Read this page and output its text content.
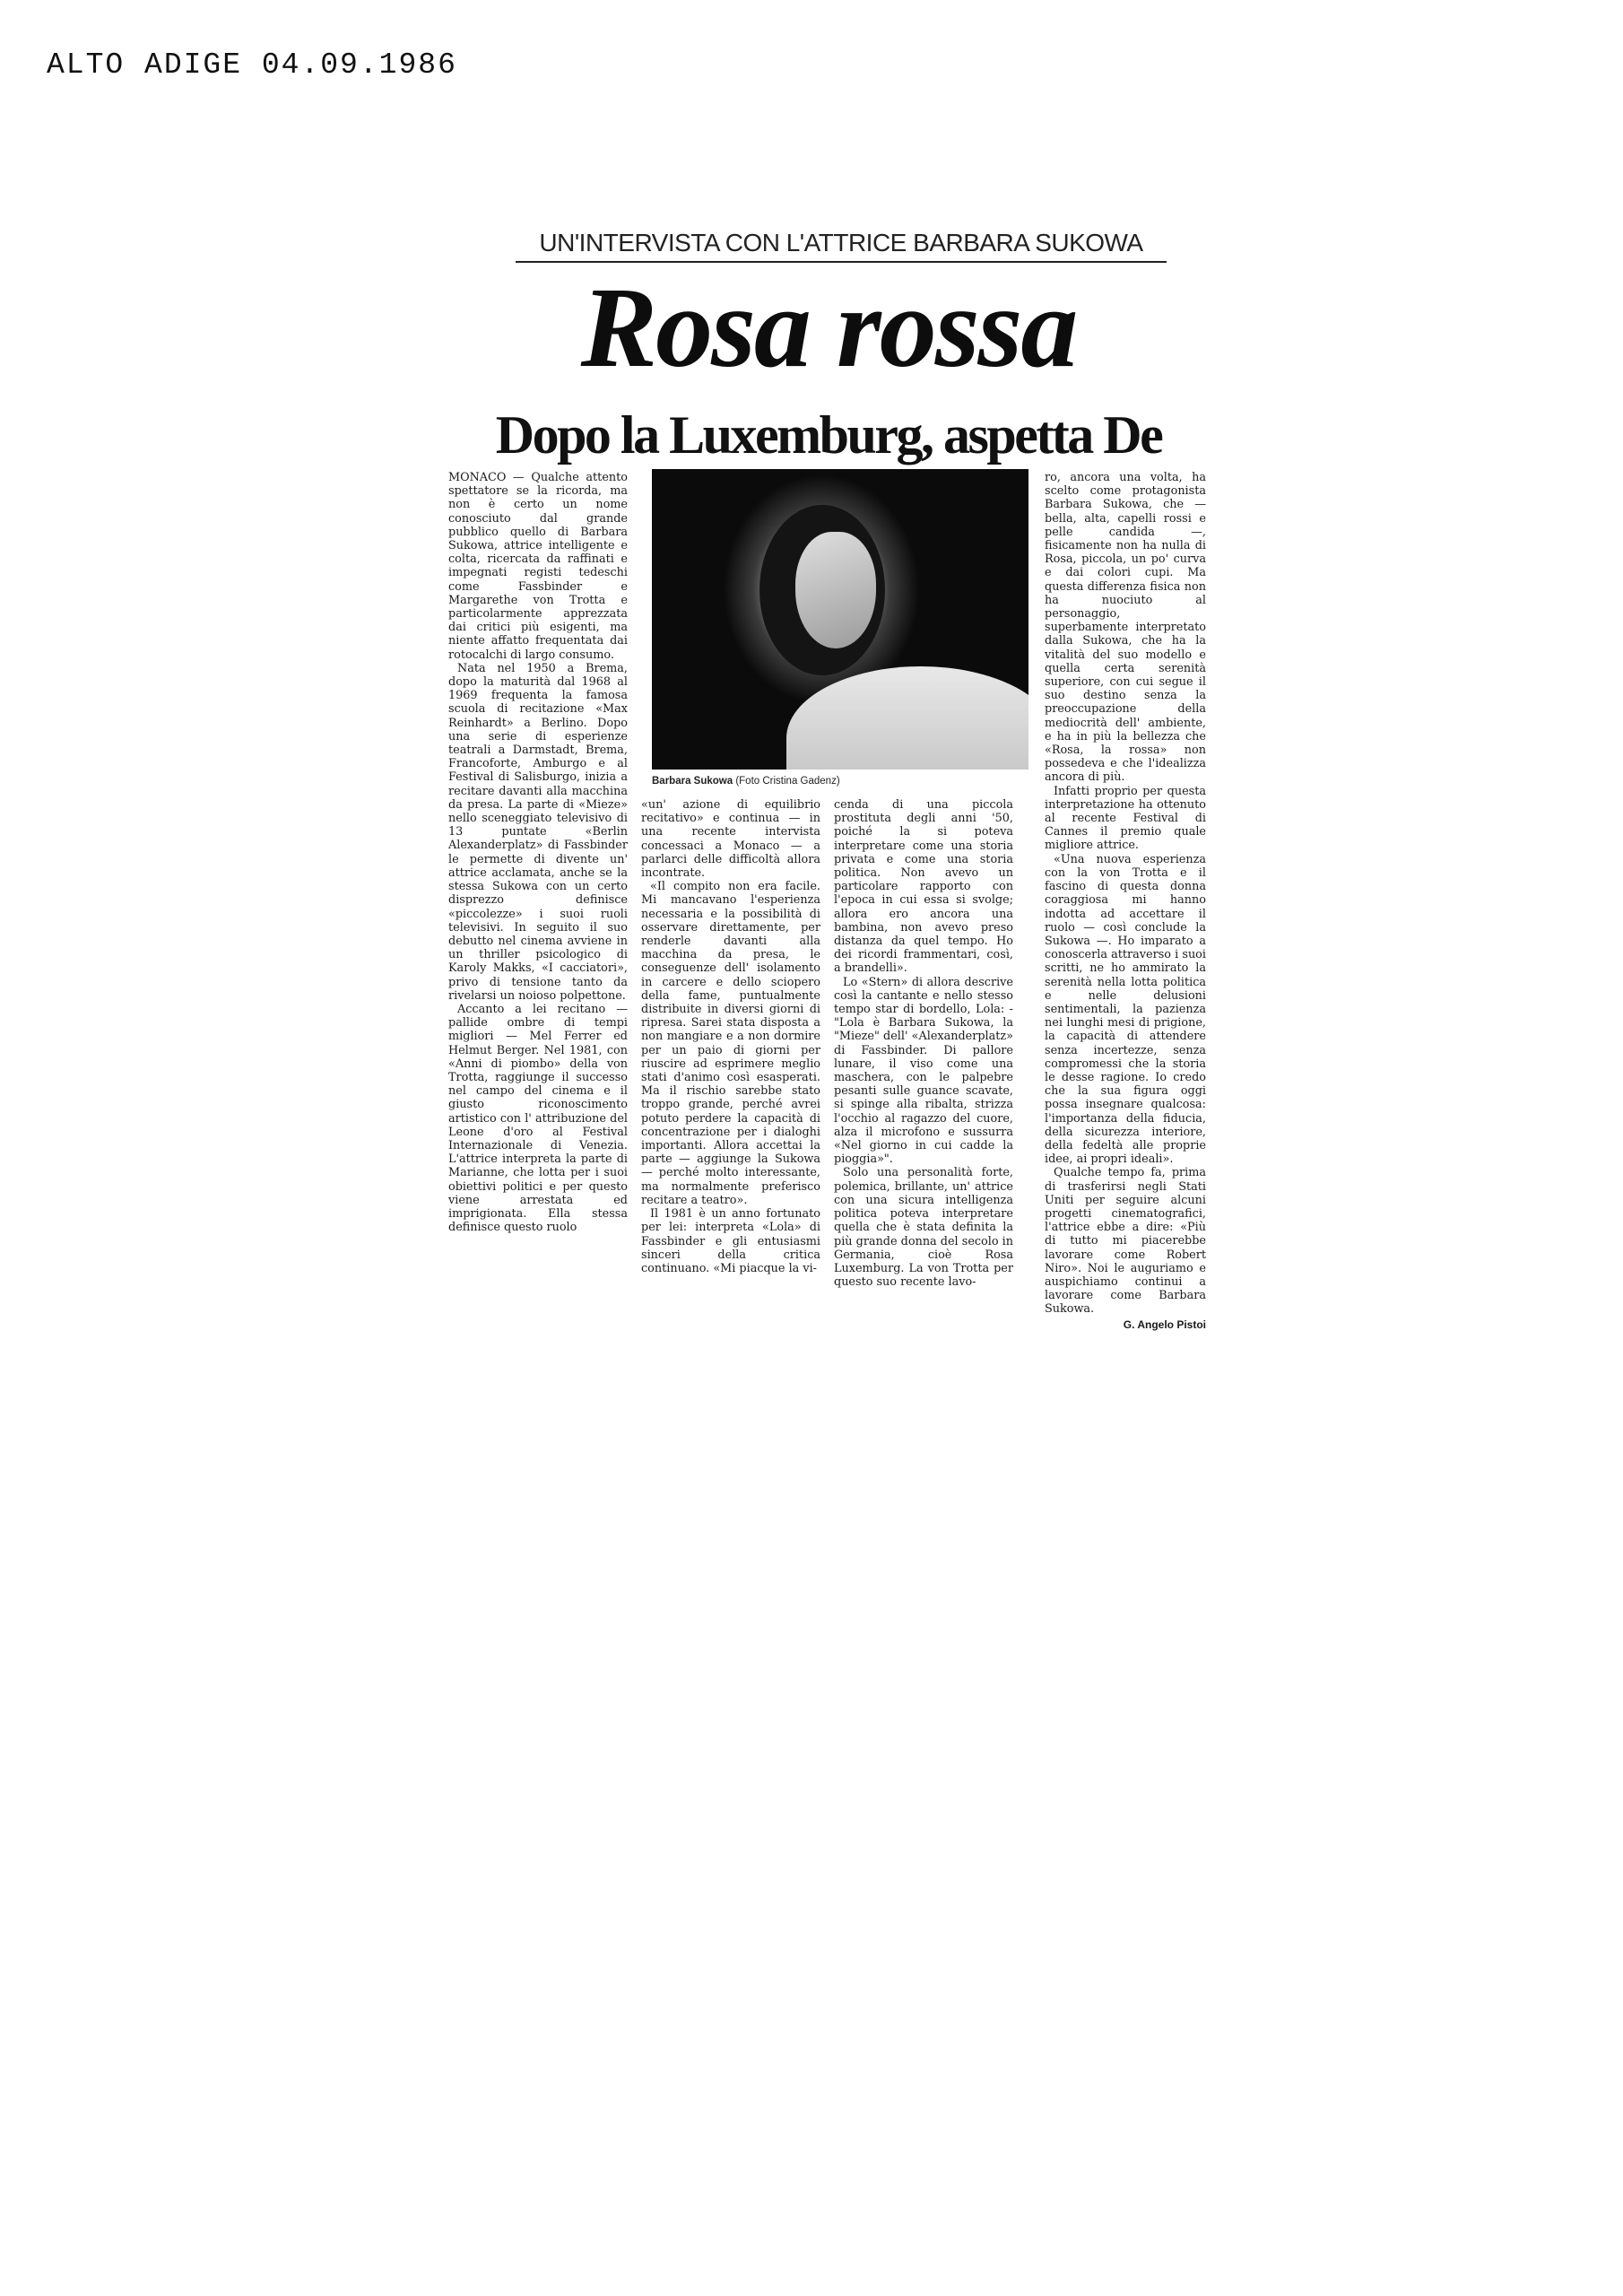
ALTO ADIGE 04.09.1986
UN'INTERVISTA CON L'ATTRICE BARBARA SUKOWA
Rosa rossa
Dopo la Luxemburg, aspetta De

MONACO — Qualche attento spettatore se la ricorda, ma non è certo un nome conosciuto dal grande pubblico quello di Barbara Sukowa, attrice intelligente e colta, ricercata da raffinati e impegnati registi tedeschi come Fassbinder e Margarethe von Trotta e particolarmente apprezzata dai critici più esigenti, ma niente affatto frequentata dai rotocalchi di largo consumo.

Nata nel 1950 a Brema, dopo la maturità dal 1968 al 1969 frequenta la famosa scuola di recitazione «Max Reinhardt» a Berlino. Dopo una serie di esperienze teatrali a Darmstadt, Brema, Francoforte, Amburgo e al Festival di Salisburgo, inizia a recitare davanti alla macchina da presa. La parte di «Mieze» nello sceneggiato televisivo di 13 puntate «Berlin Alexanderplatz» di Fassbinder le permette di divente un' attrice acclamata, anche se la stessa Sukowa con un certo disprezzo definisce «piccolezze» i suoi ruoli televisivi. In seguito il suo debutto nel cinema avviene in un thriller psicologico di Karoly Makks, «I cacciatori», privo di tensione tanto da rivelarsi un noioso polpettone.

Accanto a lei recitano — pallide ombre di tempi migliori — Mel Ferrer ed Helmut Berger. Nel 1981, con «Anni di piombo» della von Trotta, raggiunge il successo nel campo del cinema e il giusto riconoscimento artistico con l' attribuzione del Leone d'oro al Festival Internazionale di Venezia. L'attrice interpreta la parte di Marianne, che lotta per i suoi obiettivi politici e per questo viene arrestata ed imprigionata. Ella stessa definisce questo ruolo

Barbara Sukowa (Foto Cristina Gadenz)

«un' azione di equilibrio recitativo» e continua — in una recente intervista concessaci a Monaco — a parlarci delle difficoltà allora incontrate.

«Il compito non era facile. Mi mancavano l'esperienza necessaria e la possibilità di osservare direttamente, per renderle davanti alla macchina da presa, le conseguenze dell' isolamento in carcere e dello sciopero della fame, puntualmente distribuite in diversi giorni di ripresa. Sarei stata disposta a non mangiare e a non dormire per un paio di giorni per riuscire ad esprimere meglio stati d'animo così esasperati. Ma il rischio sarebbe stato troppo grande, perché avrei potuto perdere la capacità di concentrazione per i dialoghi importanti. Allora accettai la parte — aggiunge la Sukowa — perché molto interessante, ma normalmente preferisco recitare a teatro».

Il 1981 è un anno fortunato per lei: interpreta «Lola» di Fassbinder e gli entusiasmi sinceri della critica continuano. «Mi piacque la vi-

cenda di una piccola prostituta degli anni '50, poiché la si poteva interpretare come una storia privata e come una storia politica. Non avevo un particolare rapporto con l'epoca in cui essa si svolge; allora ero ancora una bambina, non avevo preso distanza da quel tempo. Ho dei ricordi frammentari, così, a brandelli».

Lo «Stern» di allora descrive così la cantante e nello stesso tempo star di bordello, Lola: - "Lola è Barbara Sukowa, la "Mieze" dell' «Alexanderplatz» di Fassbinder. Di pallore lunare, il viso come una maschera, con le palpebre pesanti sulle guance scavate, si spinge alla ribalta, strizza l'occhio al ragazzo del cuore, alza il microfono e sussurra «Nel giorno in cui cadde la pioggia»".

Solo una personalità forte, polemica, brillante, un' attrice con una sicura intelligenza politica poteva interpretare quella che è stata definita la più grande donna del secolo in Germania, cioè Rosa Luxemburg. La von Trotta per questo suo recente lavo-

ro, ancora una volta, ha scelto come protagonista Barbara Sukowa, che — bella, alta, capelli rossi e pelle candida —, fisicamente non ha nulla di Rosa, piccola, un po' curva e dai colori cupi. Ma questa differenza fisica non ha nuociuto al personaggio, superbamente interpretato dalla Sukowa, che ha la vitalità del suo modello e quella certa serenità superiore, con cui segue il suo destino senza la preoccupazione della mediocrità dell' ambiente, e ha in più la bellezza che «Rosa, la rossa» non possedeva e che l'idealizza ancora di più.

Infatti proprio per questa interpretazione ha ottenuto al recente Festival di Cannes il premio quale migliore attrice.

«Una nuova esperienza con la von Trotta e il fascino di questa donna coraggiosa mi hanno indotta ad accettare il ruolo — così conclude la Sukowa —. Ho imparato a conoscerla attraverso i suoi scritti, ne ho ammirato la serenità nella lotta politica e nelle delusioni sentimentali, la pazienza nei lunghi mesi di prigione, la capacità di attendere senza incertezze, senza compromessi che la storia le desse ragione. Io credo che la sua figura oggi possa insegnare qualcosa: l'importanza della fiducia, della sicurezza interiore, della fedeltà alle proprie idee, ai propri ideali».

Qualche tempo fa, prima di trasferirsi negli Stati Uniti per seguire alcuni progetti cinematografici, l'attrice ebbe a dire: «Più di tutto mi piacerebbe lavorare come Robert Niro». Noi le auguriamo e auspichiamo continui a lavorare come Barbara Sukowa.

G. Angelo Pistoi
